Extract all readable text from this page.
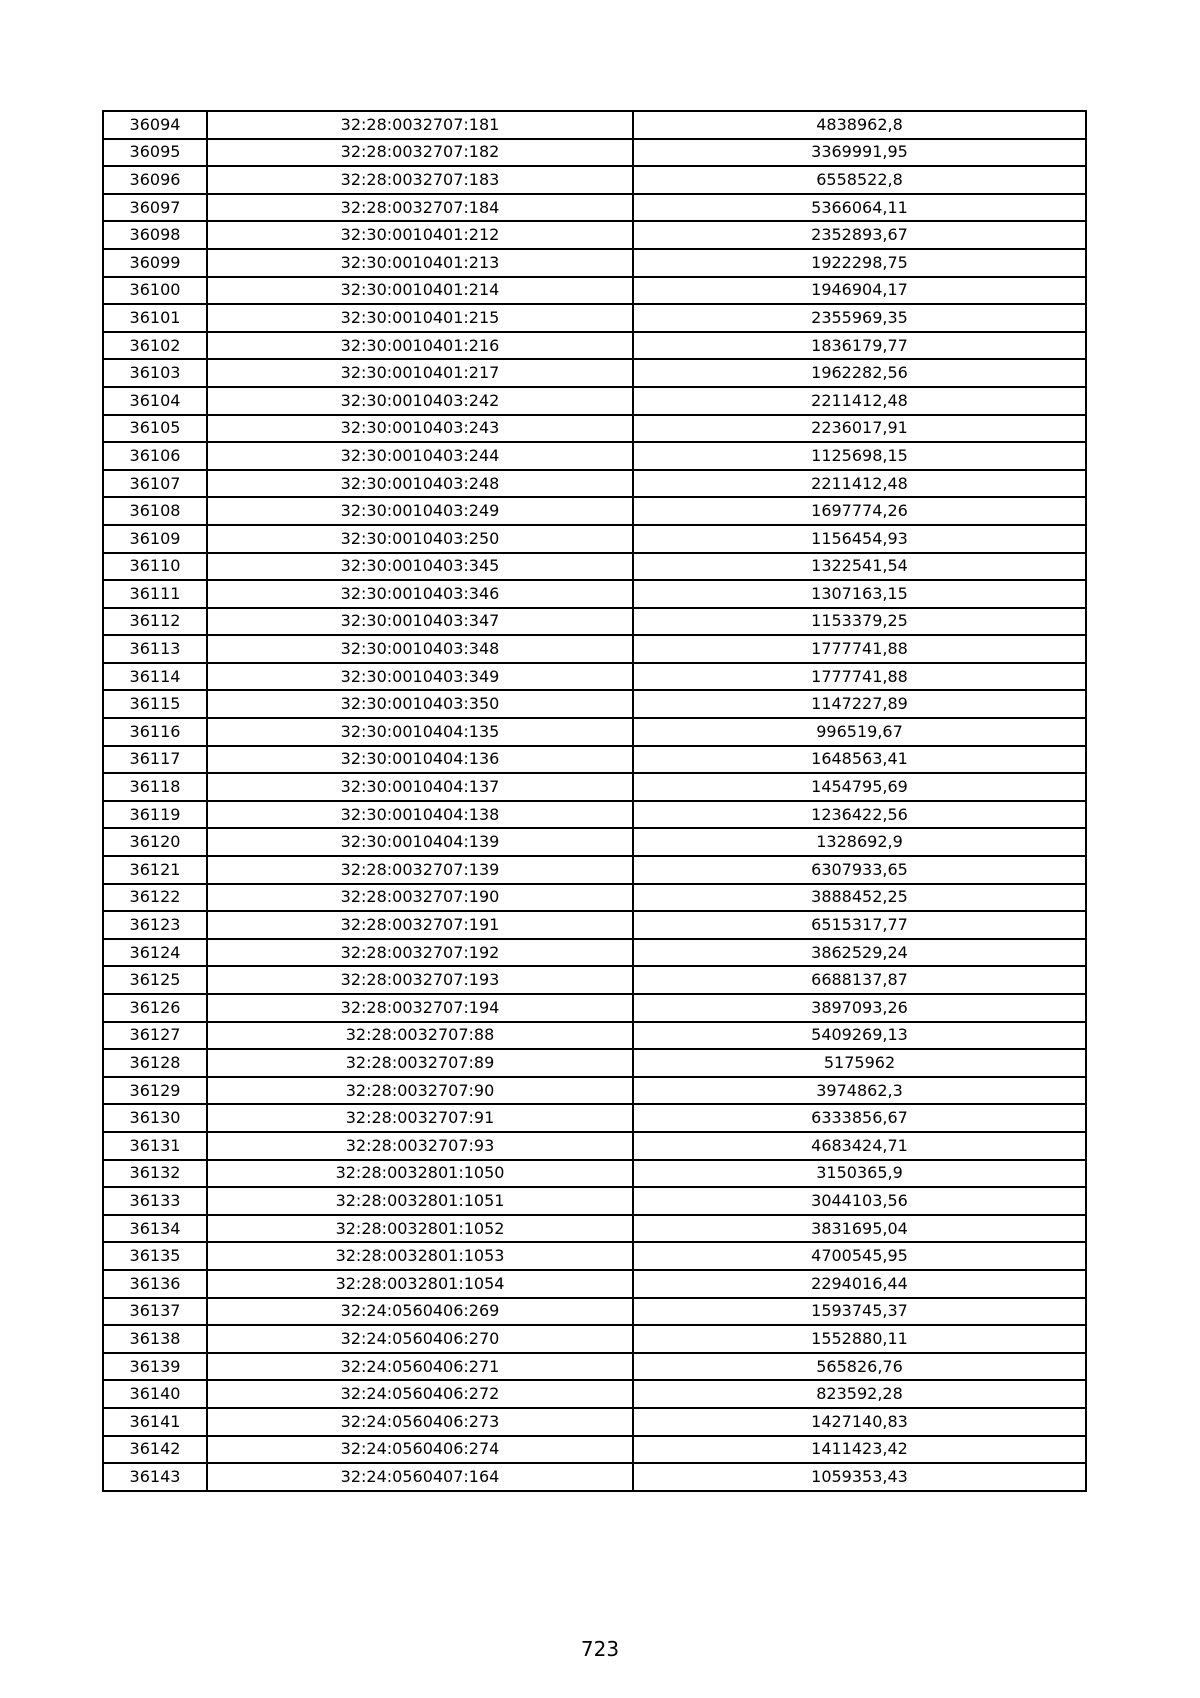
36094	32:28:0032707:181	4838962,8
36095	32:28:0032707:182	3369991,95
36096	32:28:0032707:183	6558522,8
36097	32:28:0032707:184	5366064,11
36098	32:30:0010401:212	2352893,67
36099	32:30:0010401:213	1922298,75
36100	32:30:0010401:214	1946904,17
36101	32:30:0010401:215	2355969,35
36102	32:30:0010401:216	1836179,77
36103	32:30:0010401:217	1962282,56
36104	32:30:0010403:242	2211412,48
36105	32:30:0010403:243	2236017,91
36106	32:30:0010403:244	1125698,15
36107	32:30:0010403:248	2211412,48
36108	32:30:0010403:249	1697774,26
36109	32:30:0010403:250	1156454,93
36110	32:30:0010403:345	1322541,54
36111	32:30:0010403:346	1307163,15
36112	32:30:0010403:347	1153379,25
36113	32:30:0010403:348	1777741,88
36114	32:30:0010403:349	1777741,88
36115	32:30:0010403:350	1147227,89
36116	32:30:0010404:135	996519,67
36117	32:30:0010404:136	1648563,41
36118	32:30:0010404:137	1454795,69
36119	32:30:0010404:138	1236422,56
36120	32:30:0010404:139	1328692,9
36121	32:28:0032707:139	6307933,65
36122	32:28:0032707:190	3888452,25
36123	32:28:0032707:191	6515317,77
36124	32:28:0032707:192	3862529,24
36125	32:28:0032707:193	6688137,87
36126	32:28:0032707:194	3897093,26
36127	32:28:0032707:88	5409269,13
36128	32:28:0032707:89	5175962
36129	32:28:0032707:90	3974862,3
36130	32:28:0032707:91	6333856,67
36131	32:28:0032707:93	4683424,71
36132	32:28:0032801:1050	3150365,9
36133	32:28:0032801:1051	3044103,56
36134	32:28:0032801:1052	3831695,04
36135	32:28:0032801:1053	4700545,95
36136	32:28:0032801:1054	2294016,44
36137	32:24:0560406:269	1593745,37
36138	32:24:0560406:270	1552880,11
36139	32:24:0560406:271	565826,76
36140	32:24:0560406:272	823592,28
36141	32:24:0560406:273	1427140,83
36142	32:24:0560406:274	1411423,42
36143	32:24:0560407:164	1059353,43
723
